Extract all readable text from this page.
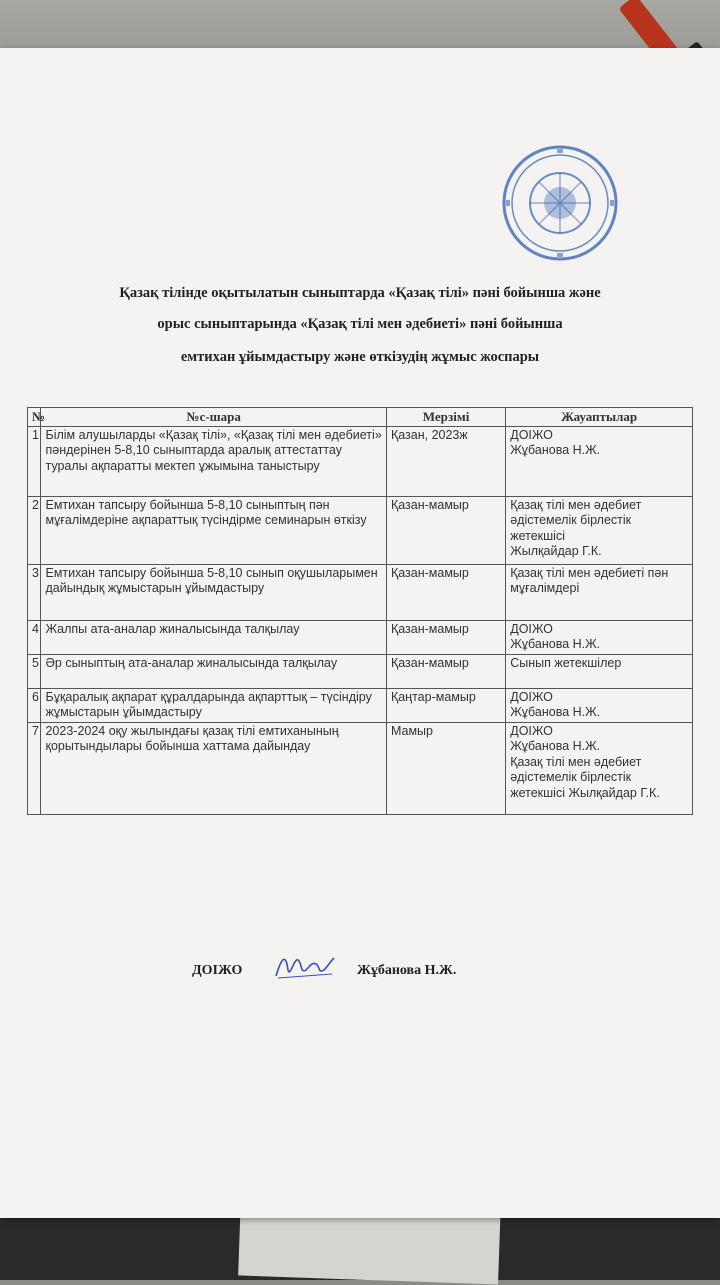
Қазақ тілінде оқытылатын сыныптарда «Қазақ тілі» пәні бойынша және
орыс сыныптарында «Қазақ тілі мен әдебиеті» пәні бойынша
емтихан ұйымдастыру және өткізудің жұмыс жоспары
№	№с-шара	Мерзімі	Жауаптылар
1	Білім алушыларды «Қазақ тілі», «Қазақ тілі мен әдебиеті» пәндерінен 5-8,10 сыныптарда аралық аттестаттау туралы ақпаратты мектеп ұжымына таныстыру	Қазан, 2023ж	ДОІЖО
Жұбанова Н.Ж.
2	Емтихан тапсыру бойынша 5-8,10 сыныптың пән мұғалімдеріне ақпараттық түсіндірме семинарын өткізу	Қазан-мамыр	Қазақ тілі мен әдебиет әдістемелік бірлестік жетекшісі
Жылқайдар Г.К.
3	Емтихан тапсыру бойынша 5-8,10 сынып оқушыларымен дайындық жұмыстарын ұйымдастыру	Қазан-мамыр	Қазақ тілі мен әдебиеті пән мұғалімдері
4	Жалпы ата-аналар жиналысында талқылау	Қазан-мамыр	ДОІЖО
Жұбанова Н.Ж.
5	Әр сыныптың ата-аналар жиналысында талқылау	Қазан-мамыр	Сынып жетекшілер
6	Бұқаралық ақпарат құралдарында ақпарттық – түсіндіру жұмыстарын ұйымдастыру	Қаңтар-мамыр	ДОІЖО
Жұбанова Н.Ж.
7	2023-2024 оқу жылындағы қазақ тілі емтиханының қорытындылары бойынша хаттама дайындау	Мамыр	ДОІЖО
Жұбанова Н.Ж.
Қазақ тілі мен әдебиет әдістемелік бірлестік жетекшісі Жылқайдар Г.К.
ДОІЖО	Жұбанова Н.Ж.
